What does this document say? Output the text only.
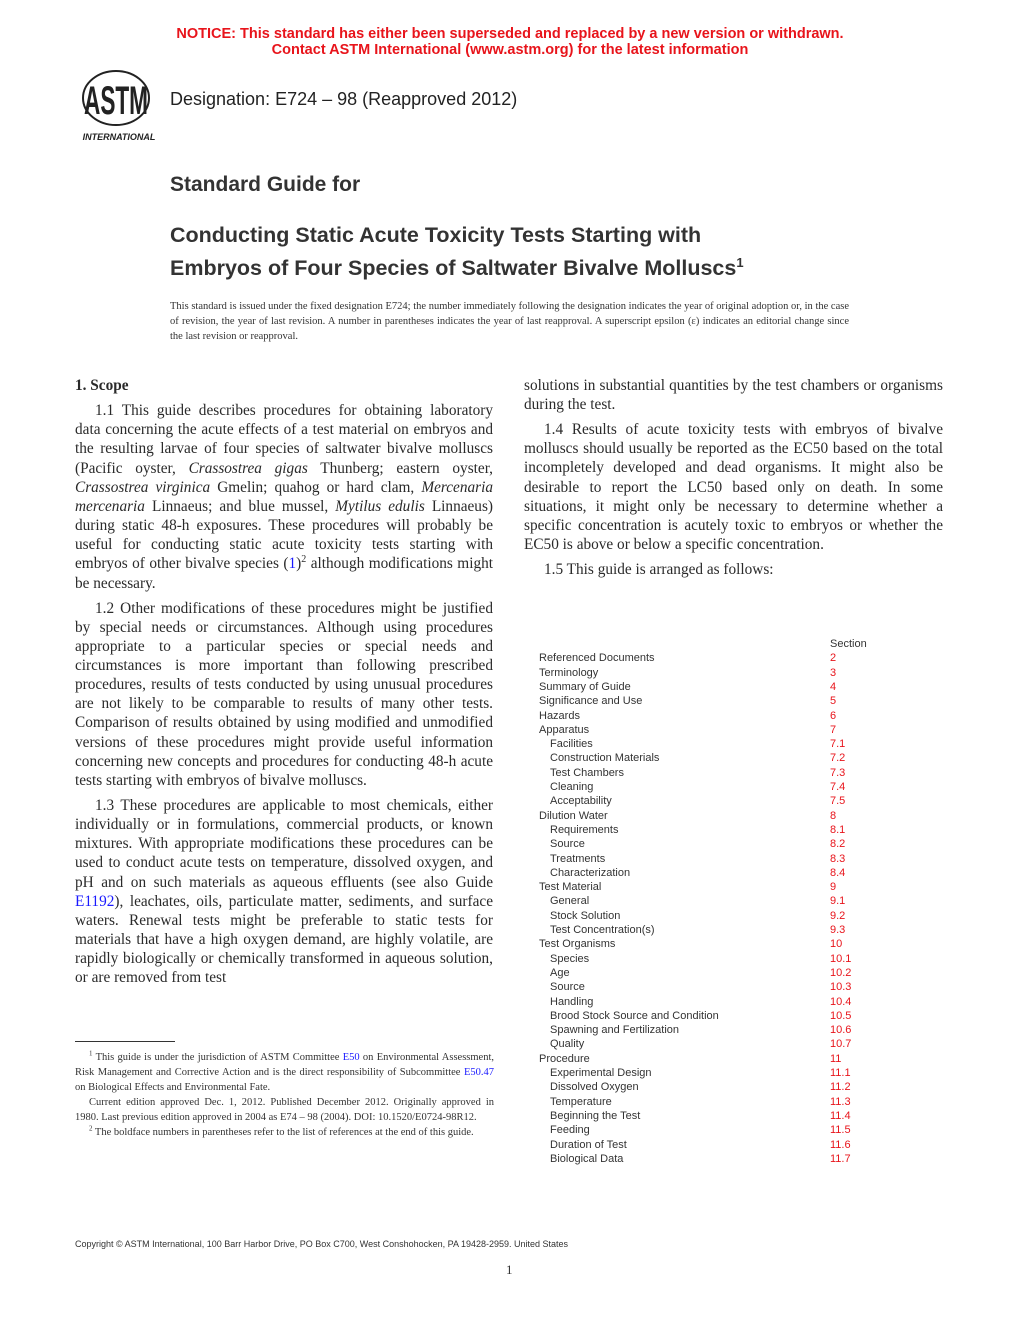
NOTICE: This standard has either been superseded and replaced by a new version or withdrawn.
Contact ASTM International (www.astm.org) for the latest information
ASTM
INTERNATIONAL
Designation: E724 – 98 (Reapproved 2012)
Standard Guide for
Conducting Static Acute Toxicity Tests Starting with
Embryos of Four Species of Saltwater Bivalve Molluscs$^1$
This standard is issued under the fixed designation E724; the number immediately following the designation indicates the year of original adoption or, in the case of revision, the year of last revision. A number in parentheses indicates the year of last reapproval. A superscript epsilon (ε) indicates an editorial change since the last revision or reapproval.
1. Scope

1.1 This guide describes procedures for obtaining laboratory data concerning the acute effects of a test material on embryos and the resulting larvae of four species of saltwater bivalve molluscs (Pacific oyster, Crassostrea gigas Thunberg; eastern oyster, Crassostrea virginica Gmelin; quahog or hard clam, Mercenaria mercenaria Linnaeus; and blue mussel, Mytilus edulis Linnaeus) during static 48-h exposures. These procedures will probably be useful for conducting static acute toxicity tests starting with embryos of other bivalve species $(1)^2$ although modifications might be necessary.

1.2 Other modifications of these procedures might be justified by special needs or circumstances. Although using procedures appropriate to a particular species or special needs and circumstances is more important than following prescribed procedures, results of tests conducted by using unusual procedures are not likely to be comparable to results of many other tests. Comparison of results obtained by using modified and unmodified versions of these procedures might provide useful information concerning new concepts and procedures for conducting 48-h acute tests starting with embryos of bivalve molluscs.

1.3 These procedures are applicable to most chemicals, either individually or in formulations, commercial products, or known mixtures. With appropriate modifications these procedures can be used to conduct acute tests on temperature, dissolved oxygen, and pH and on such materials as aqueous effluents (see also Guide E1192), leachates, oils, particulate matter, sediments, and surface waters. Renewal tests might be preferable to static tests for materials that have a high oxygen demand, are highly volatile, are rapidly biologically or chemically transformed in aqueous solution, or are removed from test

solutions in substantial quantities by the test chambers or organisms during the test.

1.4 Results of acute toxicity tests with embryos of bivalve molluscs should usually be reported as the EC50 based on the total incompletely developed and dead organisms. It might also be desirable to report the LC50 based only on death. In some situations, it might only be necessary to determine whether a specific concentration is acutely toxic to embryos or whether the EC50 is above or below a specific concentration.

1.5 This guide is arranged as follows:

Section
Referenced Documents	2
Terminology	3
Summary of Guide	4
Significance and Use	5
Hazards	6
Apparatus	7
Facilities	7.1
Construction Materials	7.2
Test Chambers	7.3
Cleaning	7.4
Acceptability	7.5
Dilution Water	8
Requirements	8.1
Source	8.2
Treatments	8.3
Characterization	8.4
Test Material	9
General	9.1
Stock Solution	9.2
Test Concentration(s)	9.3
Test Organisms	10
Species	10.1
Age	10.2
Source	10.3
Handling	10.4
Brood Stock Source and Condition	10.5
Spawning and Fertilization	10.6
Quality	10.7
Procedure	11
Experimental Design	11.1
Dissolved Oxygen	11.2
Temperature	11.3
Beginning the Test	11.4
Feeding	11.5
Duration of Test	11.6
Biological Data	11.7

$^1$ This guide is under the jurisdiction of ASTM Committee E50 on Environmental Assessment, Risk Management and Corrective Action and is the direct responsibility of Subcommittee E50.47 on Biological Effects and Environmental Fate.

Current edition approved Dec. 1, 2012. Published December 2012. Originally approved in 1980. Last previous edition approved in 2004 as E74 – 98 (2004). DOI: 10.1520/E0724-98R12.

$^2$ The boldface numbers in parentheses refer to the list of references at the end of this guide.

Copyright © ASTM International, 100 Barr Harbor Drive, PO Box C700, West Conshohocken, PA 19428-2959. United States
1
